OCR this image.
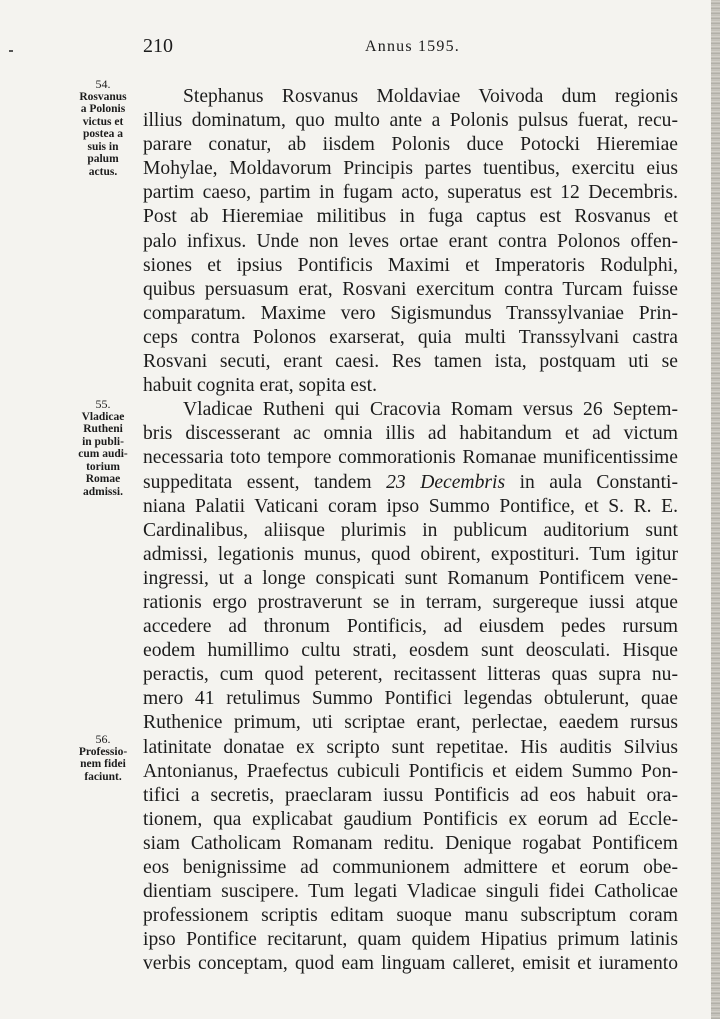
210	Annus 1595.
54.
Rosvanus
a Polonis
victus et
postea a
suis in
palum
actus.
55.
Vladicae
Rutheni
in publi-
cum audi-
torium
Romae
admissi.
56.
Professio-
nem fidei
faciunt.
Stephanus Rosvanus Moldaviae Voivoda dum regionis
illius dominatum, quo multo ante a Polonis pulsus fuerat, recu-
parare conatur, ab iisdem Polonis duce Potocki Hieremiae
Mohylae, Moldavorum Principis partes tuentibus, exercitu eius
partim caeso, partim in fugam acto, superatus est 12 Decembris.
Post ab Hieremiae militibus in fuga captus est Rosvanus et
palo infixus. Unde non leves ortae erant contra Polonos offen-
siones et ipsius Pontificis Maximi et Imperatoris Rodulphi,
quibus persuasum erat, Rosvani exercitum contra Turcam fuisse
comparatum. Maxime vero Sigismundus Transsylvaniae Prin-
ceps contra Polonos exarserat, quia multi Transsylvani castra
Rosvani secuti, erant caesi. Res tamen ista, postquam uti se
habuit cognita erat, sopita est.
Vladicae Rutheni qui Cracovia Romam versus 26 Septem-
bris discesserant ac omnia illis ad habitandum et ad victum
necessaria toto tempore commorationis Romanae munificentissime
suppeditata essent, tandem 23 Decembris in aula Constanti-
niana Palatii Vaticani coram ipso Summo Pontifice, et S. R. E.
Cardinalibus, aliisque plurimis in publicum auditorium sunt
admissi, legationis munus, quod obirent, expostituri. Tum igitur
ingressi, ut a longe conspicati sunt Romanum Pontificem vene-
rationis ergo prostraverunt se in terram, surgereque iussi atque
accedere ad thronum Pontificis, ad eiusdem pedes rursum
eodem humillimo cultu strati, eosdem sunt deosculati. Hisque
peractis, cum quod peterent, recitassent litteras quas supra nu-
mero 41 retulimus Summo Pontifici legendas obtulerunt, quae
Ruthenice primum, uti scriptae erant, perlectae, eaedem rursus
latinitate donatae ex scripto sunt repetitae. His auditis Silvius
Antonianus, Praefectus cubiculi Pontificis et eidem Summo Pon-
tifici a secretis, praeclaram iussu Pontificis ad eos habuit ora-
tionem, qua explicabat gaudium Pontificis ex eorum ad Eccle-
siam Catholicam Romanam reditu. Denique rogabat Pontificem
eos benignissime ad communionem admittere et eorum obe-
dientiam suscipere. Tum legati Vladicae singuli fidei Catholicae
professionem scriptis editam suoque manu subscriptum coram
ipso Pontifice recitarunt, quam quidem Hipatius primum latinis
verbis conceptam, quod eam linguam calleret, emisit et iuramento
